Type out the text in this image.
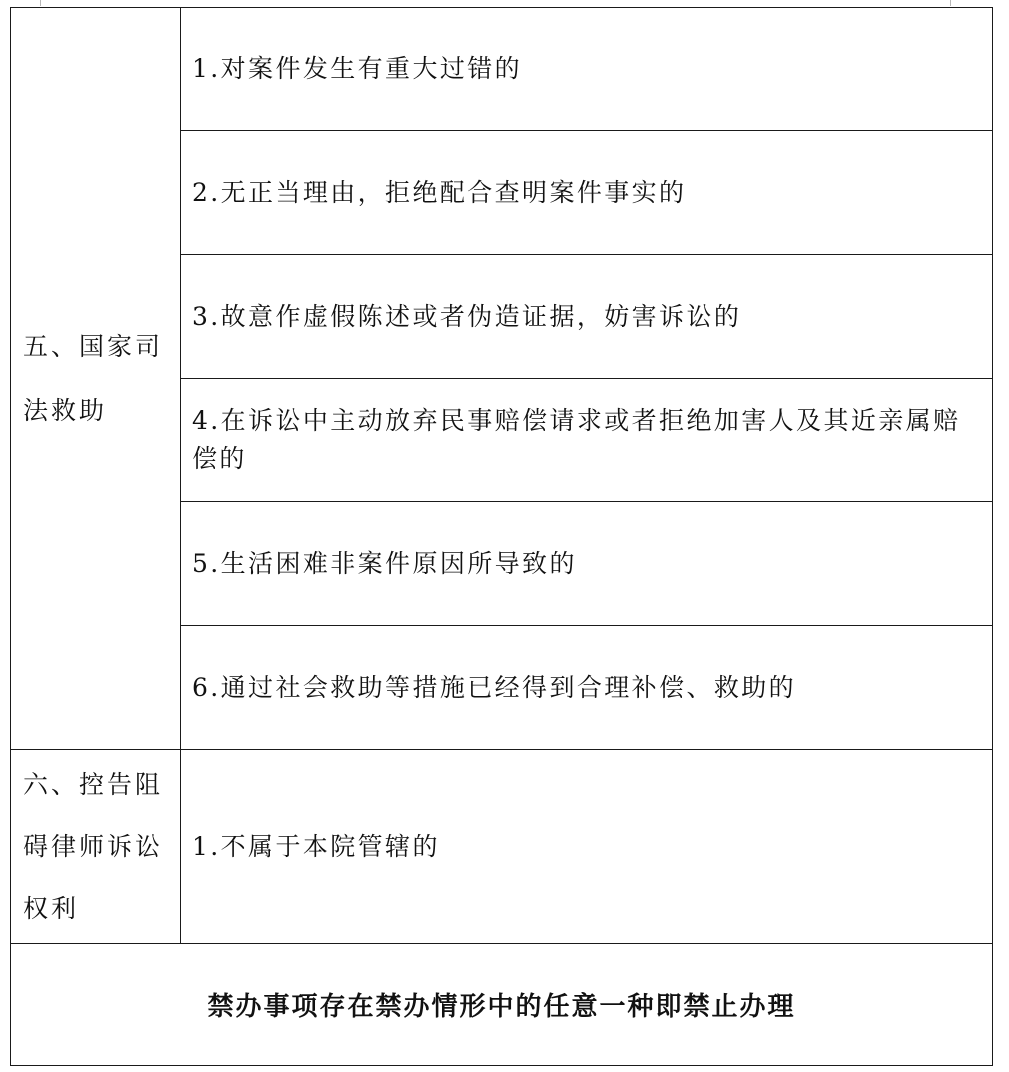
五、国家司法救助	1.对案件发生有重大过错的

	2.无正当理由，拒绝配合查明案件事实的

	3.故意作虚假陈述或者伪造证据，妨害诉讼的

	4.在诉讼中主动放弃民事赔偿请求或者拒绝加害人及其近亲属赔偿的

	5.生活困难非案件原因所导致的

	6.通过社会救助等措施已经得到合理补偿、救助的

六、控告阻碍律师诉讼权利	1.不属于本院管辖的

禁办事项存在禁办情形中的任意一种即禁止办理	
